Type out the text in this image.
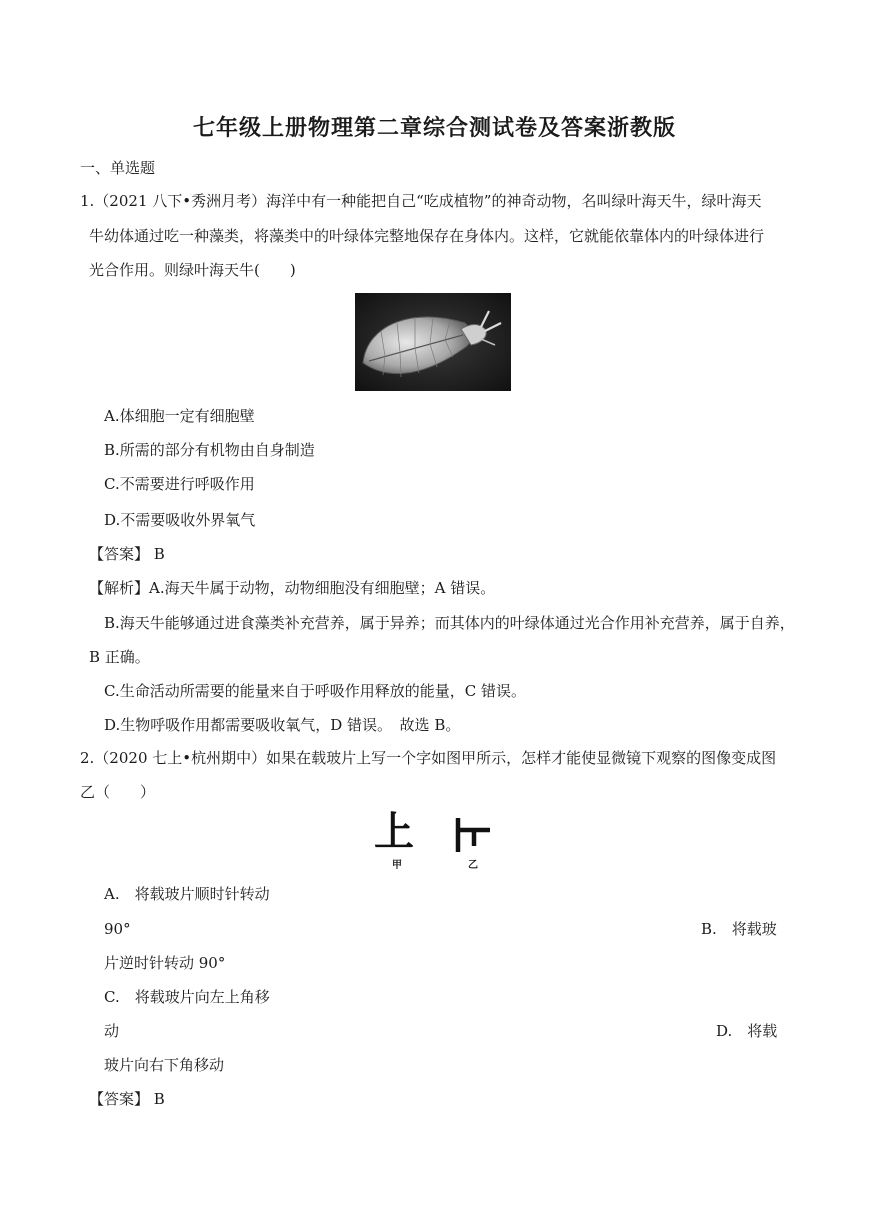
七年级上册物理第二章综合测试卷及答案浙教版
一、单选题
1.（2021 八下•秀洲月考）海洋中有一种能把自己“吃成植物”的神奇动物，名叫绿叶海天牛，绿叶海天
牛幼体通过吃一种藻类，将藻类中的叶绿体完整地保存在身体内。这样，它就能依靠体内的叶绿体进行
光合作用。则绿叶海天牛(　　)
A.体细胞一定有细胞壁
B.所需的部分有机物由自身制造
C.不需要进行呼吸作用
D.不需要吸收外界氧气
【答案】 B
【解析】A.海天牛属于动物，动物细胞没有细胞壁；A 错误。
B.海天牛能够通过进食藻类补充营养，属于异养；而其体内的叶绿体通过光合作用补充营养，属于自养，
B 正确。
C.生命活动所需要的能量来自于呼吸作用释放的能量，C 错误。
D.生物呼吸作用都需要吸收氧气，D 错误。　故选 B。
2.（2020 七上•杭州期中）如果在载玻片上写一个字如图甲所示，怎样才能使显微镜下观察的图像变成图
乙（　　）
上
甲	乙
A.　将载玻片顺时针转动
90°	B.　将载玻
片逆时针转动 90°
C.　将载玻片向左上角移
动	D.　将载
玻片向右下角移动
【答案】 B
